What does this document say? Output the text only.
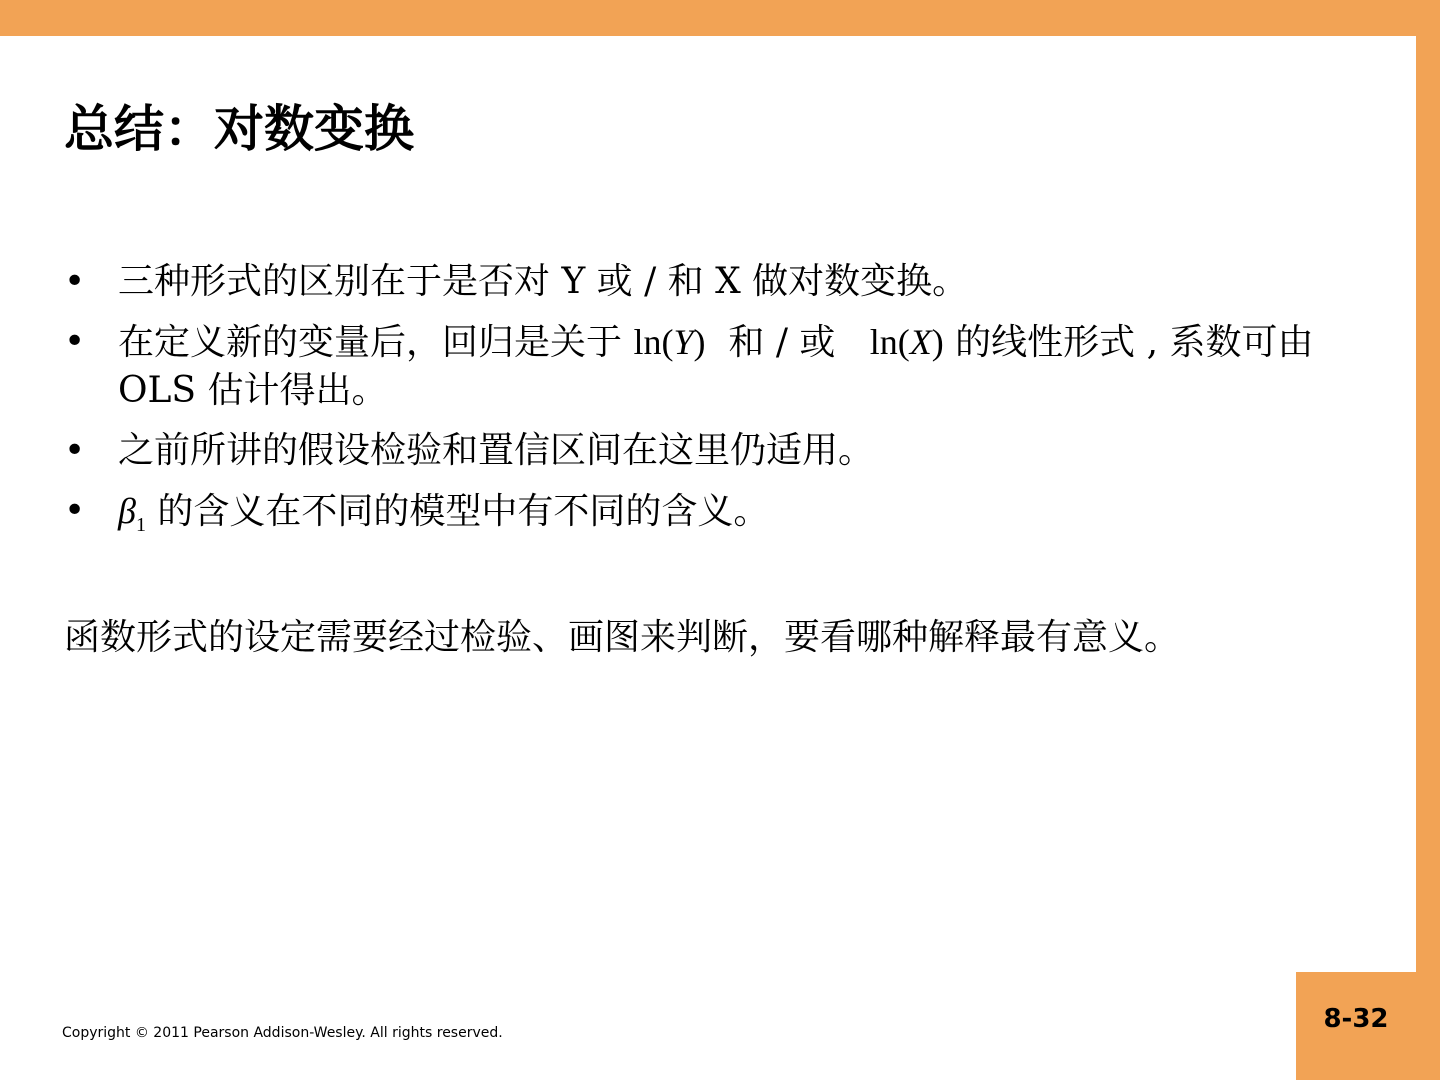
8-32
总结：对数变换
• 三种形式的区别在于是否对 Y 或 / 和 X 做对数变换。
• 在定义新的变量后，回归是关于 ln(Y)  和 / 或   ln(X) 的线性形式 , 系数可由 OLS 估计得出。
• 之前所讲的假设检验和置信区间在这里仍适用。
• $\beta_1$ 的含义在不同的模型中有不同的含义。
函数形式的设定需要经过检验、画图来判断，要看哪种解释最有意义。
Copyright © 2011 Pearson Addison-Wesley. All rights reserved.
